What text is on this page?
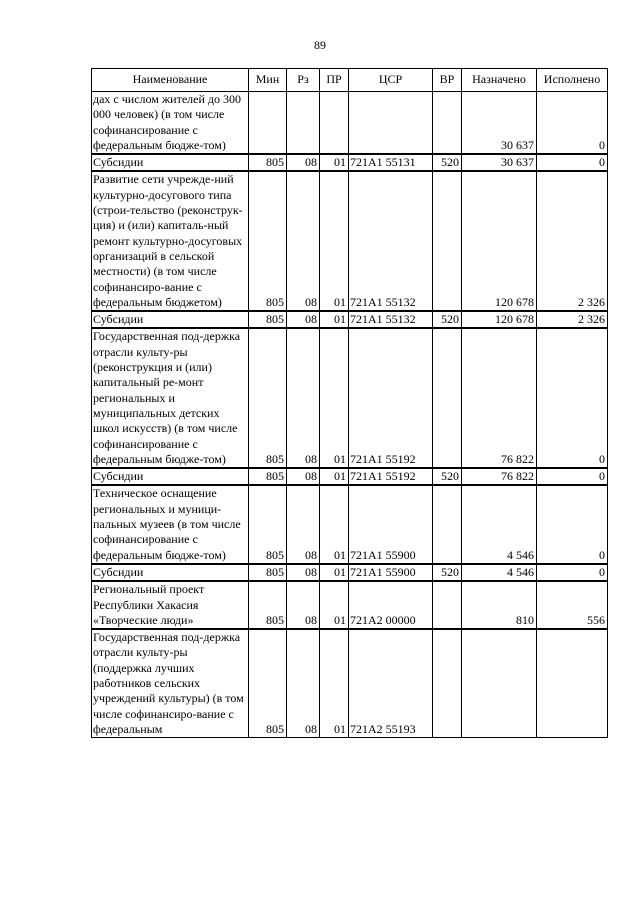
89
Наименование	Мин	Рз	ПР	ЦСР	ВР	Назначено	Исполнено
дах с числом жителей до 300 000 человек) (в том числе софинансирование с федеральным бюдже-том)						30 637	0
Субсидии	805	08	01	721А1 55131	520	30 637	0
Развитие сети учрежде-ний культурно-досугового типа (строи-тельство (реконструк-ция) и (или) капиталь-ный ремонт культурно-досуговых организаций в сельской местности) (в том числе софинансиро-вание с федеральным бюджетом)	805	08	01	721А1 55132		120 678	2 326
Субсидии	805	08	01	721А1 55132	520	120 678	2 326
Государственная под-держка отрасли культу-ры (реконструкция и (или) капитальный ре-монт региональных и муниципальных детских школ искусств) (в том числе софинансирование с федеральным бюдже-том)	805	08	01	721А1 55192		76 822	0
Субсидии	805	08	01	721А1 55192	520	76 822	0
Техническое оснащение региональных и муници-пальных музеев (в том числе софинансирование с федеральным бюдже-том)	805	08	01	721А1 55900		4 546	0
Субсидии	805	08	01	721А1 55900	520	4 546	0
Региональный проект Республики Хакасия «Творческие люди»	805	08	01	721А2 00000		810	556
Государственная под-держка отрасли культу-ры (поддержка лучших работников сельских учреждений культуры) (в том числе софинансиро-вание с федеральным	805	08	01	721А2 55193			
